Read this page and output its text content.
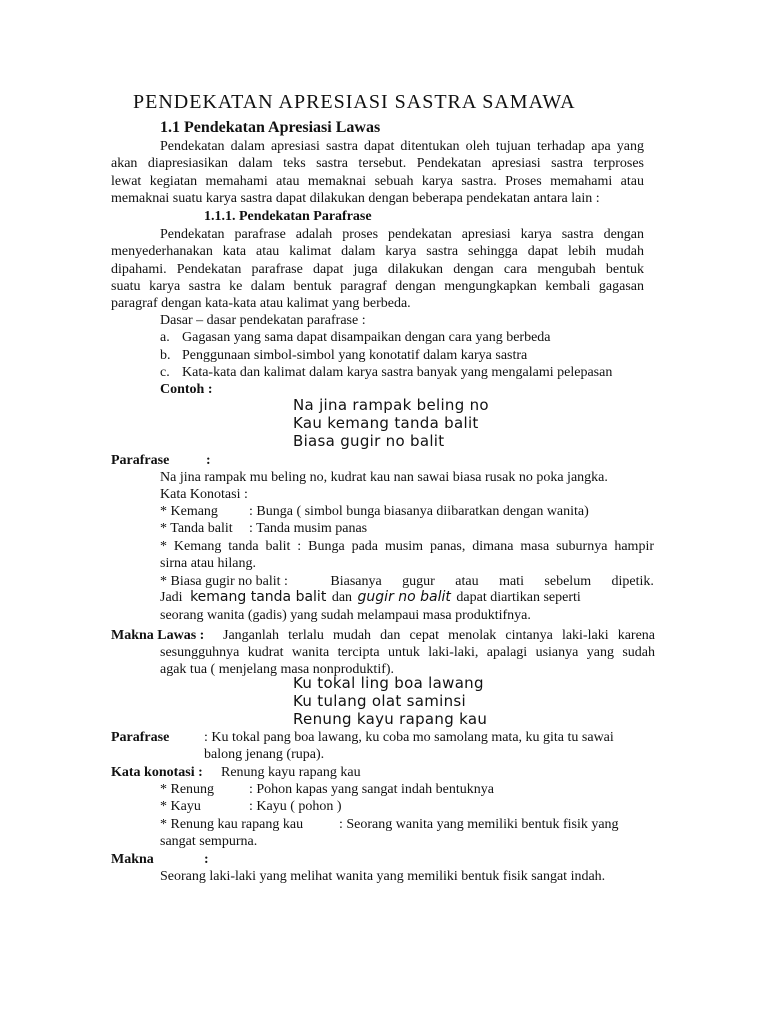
PENDEKATAN APRESIASI SASTRA SAMAWA
1.1 Pendekatan Apresiasi Lawas
Pendekatan dalam apresiasi sastra dapat ditentukan oleh tujuan terhadap apa yang
akan diapresiasikan dalam teks sastra tersebut. Pendekatan apresiasi sastra terproses
lewat kegiatan memahami atau memaknai sebuah karya sastra. Proses memahami atau
memaknai suatu karya sastra dapat dilakukan dengan beberapa pendekatan antara lain :
1.1.1. Pendekatan Parafrase
Pendekatan parafrase adalah proses pendekatan apresiasi karya sastra dengan
menyederhanakan kata atau kalimat dalam karya sastra sehingga dapat lebih mudah
dipahami. Pendekatan parafrase dapat juga dilakukan dengan cara mengubah bentuk
suatu karya sastra ke dalam bentuk paragraf dengan mengungkapkan kembali gagasan
paragraf dengan kata-kata atau kalimat yang berbeda.
Dasar – dasar pendekatan parafrase :
a. Gagasan yang sama dapat disampaikan dengan cara yang berbeda
b. Penggunaan simbol-simbol yang konotatif dalam karya sastra
c. Kata-kata dan kalimat dalam karya sastra banyak yang mengalami pelepasan
Contoh :
Na jina rampak beling no
Kau kemang tanda balit
Biasa gugir no balit
Parafrase	:
Na jina rampak mu beling no, kudrat kau nan sawai biasa rusak no poka jangka.
Kata Konotasi :
* Kemang : Bunga ( simbol bunga biasanya diibaratkan dengan wanita)
* Tanda balit : Tanda musim panas
* Kemang tanda balit : Bunga pada musim panas, dimana masa suburnya hampir
sirna atau hilang.
* Biasa gugir no balit :	Biasanya gugur atau mati sebelum dipetik.
Jadi kemang tanda balit dan gugir no balit dapat diartikan seperti
seorang wanita (gadis) yang sudah melampaui masa produktifnya.
Makna Lawas : Janganlah terlalu mudah dan cepat menolak cintanya laki-laki karena
sesungguhnya kudrat wanita tercipta untuk laki-laki, apalagi usianya yang sudah
agak tua ( menjelang masa nonproduktif).
Ku tokal ling boa lawang
Ku tulang olat saminsi
Renung kayu rapang kau
Parafrase : Ku tokal pang boa lawang, ku coba mo samolang mata, ku gita tu sawai
balong jenang (rupa).
Kata konotasi : Renung kayu rapang kau
* Renung : Pohon kapas yang sangat indah bentuknya
* Kayu	: Kayu ( pohon )
* Renung kau rapang kau	: Seorang wanita yang memiliki bentuk fisik yang
sangat sempurna.
Makna	:
Seorang laki-laki yang melihat wanita yang memiliki bentuk fisik sangat indah.
